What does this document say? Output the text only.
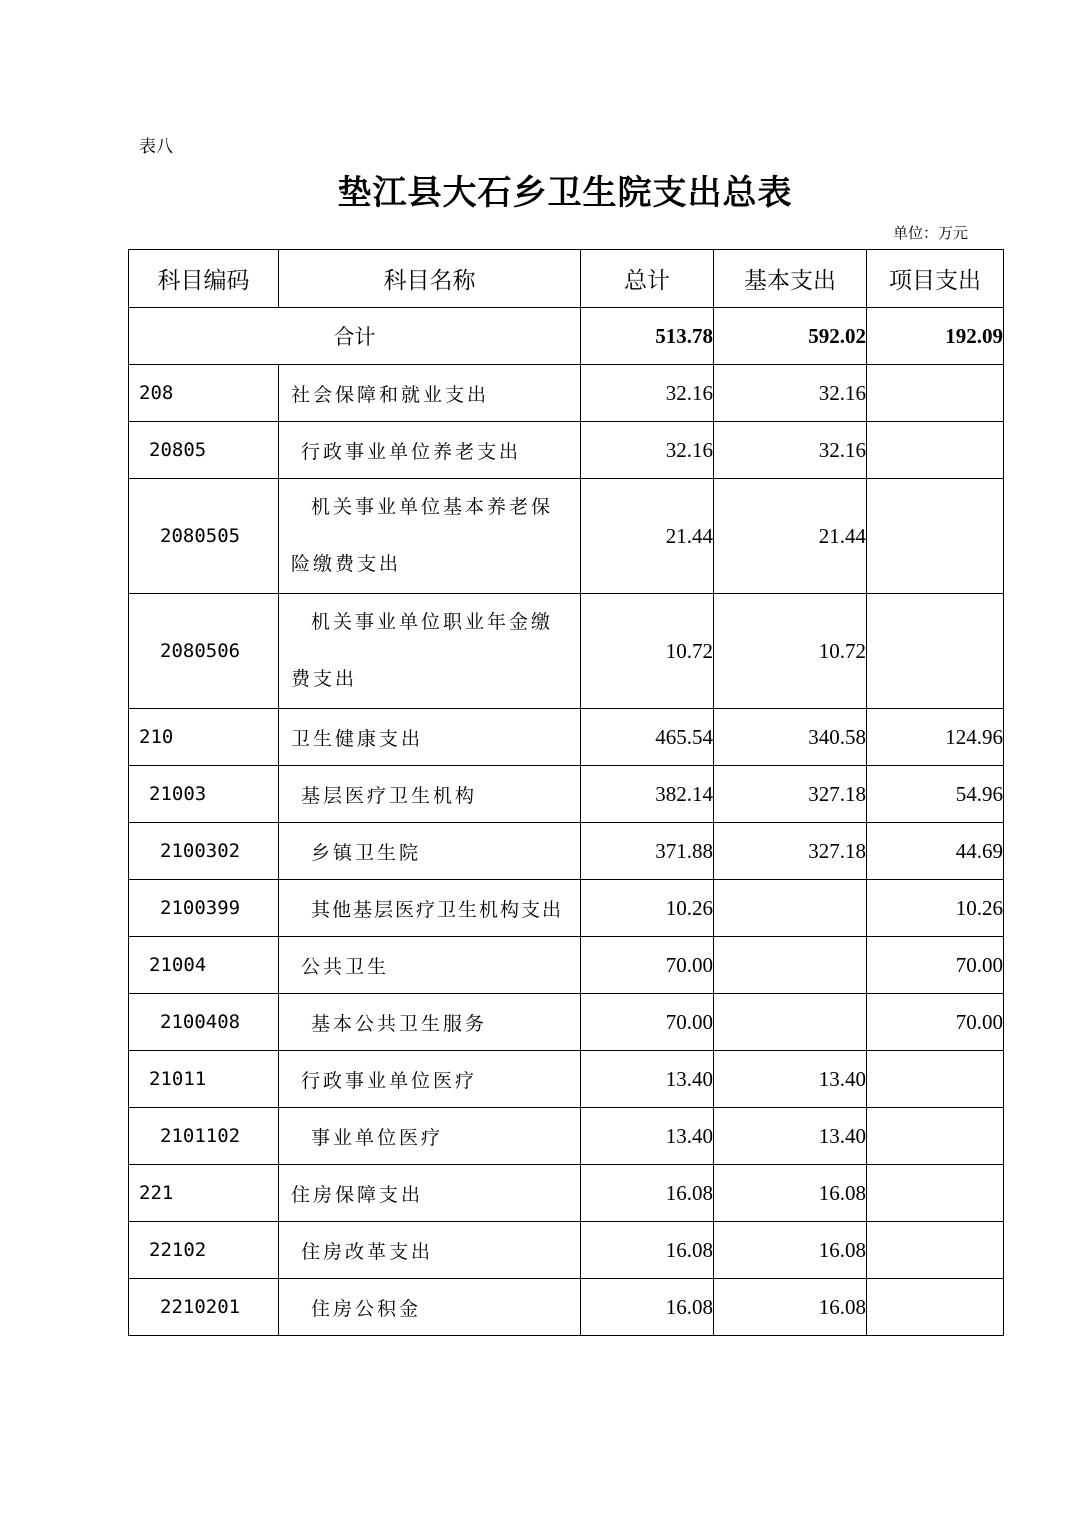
表八
垫江县大石乡卫生院支出总表
单位：万元
科目编码	科目名称	总计	基本支出	项目支出
合计		513.78	592.02	192.09
208	社会保障和就业支出	32.16	32.16	
20805	行政事业单位养老支出	32.16	32.16	
2080505	机关事业单位基本养老保险缴费支出	21.44	21.44	
2080506	机关事业单位职业年金缴费支出	10.72	10.72	
210	卫生健康支出	465.54	340.58	124.96
21003	基层医疗卫生机构	382.14	327.18	54.96
2100302	乡镇卫生院	371.88	327.18	44.69
2100399	其他基层医疗卫生机构支出	10.26		10.26
21004	公共卫生	70.00		70.00
2100408	基本公共卫生服务	70.00		70.00
21011	行政事业单位医疗	13.40	13.40	
2101102	事业单位医疗	13.40	13.40	
221	住房保障支出	16.08	16.08	
22102	住房改革支出	16.08	16.08	
2210201	住房公积金	16.08	16.08	
